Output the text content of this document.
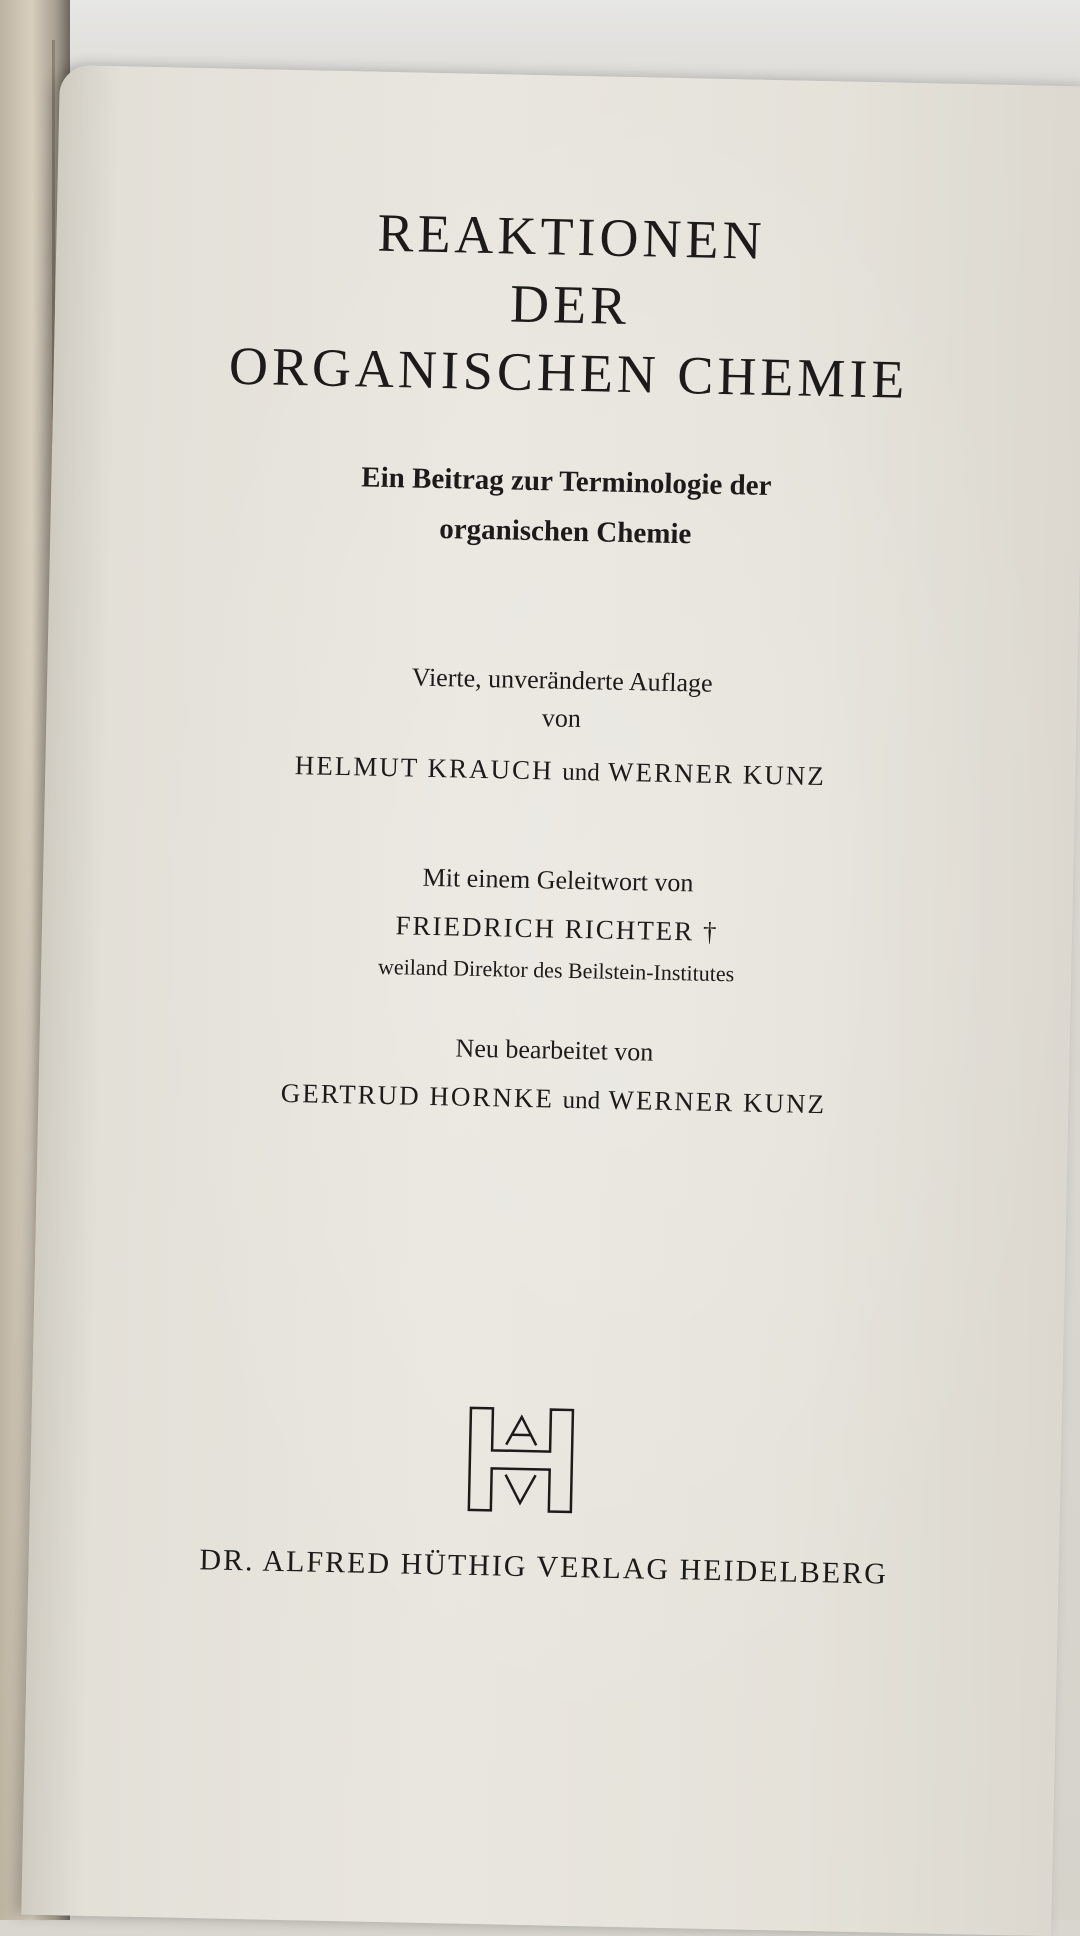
REAKTIONEN
DER
ORGANISCHEN CHEMIE
Ein Beitrag zur Terminologie der
organischen Chemie
Vierte, unveränderte Auflage
von
HELMUT KRAUCH und WERNER KUNZ
Mit einem Geleitwort von
FRIEDRICH RICHTER †
weiland Direktor des Beilstein-Institutes
Neu bearbeitet von
GERTRUD HORNKE und WERNER KUNZ
DR. ALFRED HÜTHIG VERLAG HEIDELBERG
